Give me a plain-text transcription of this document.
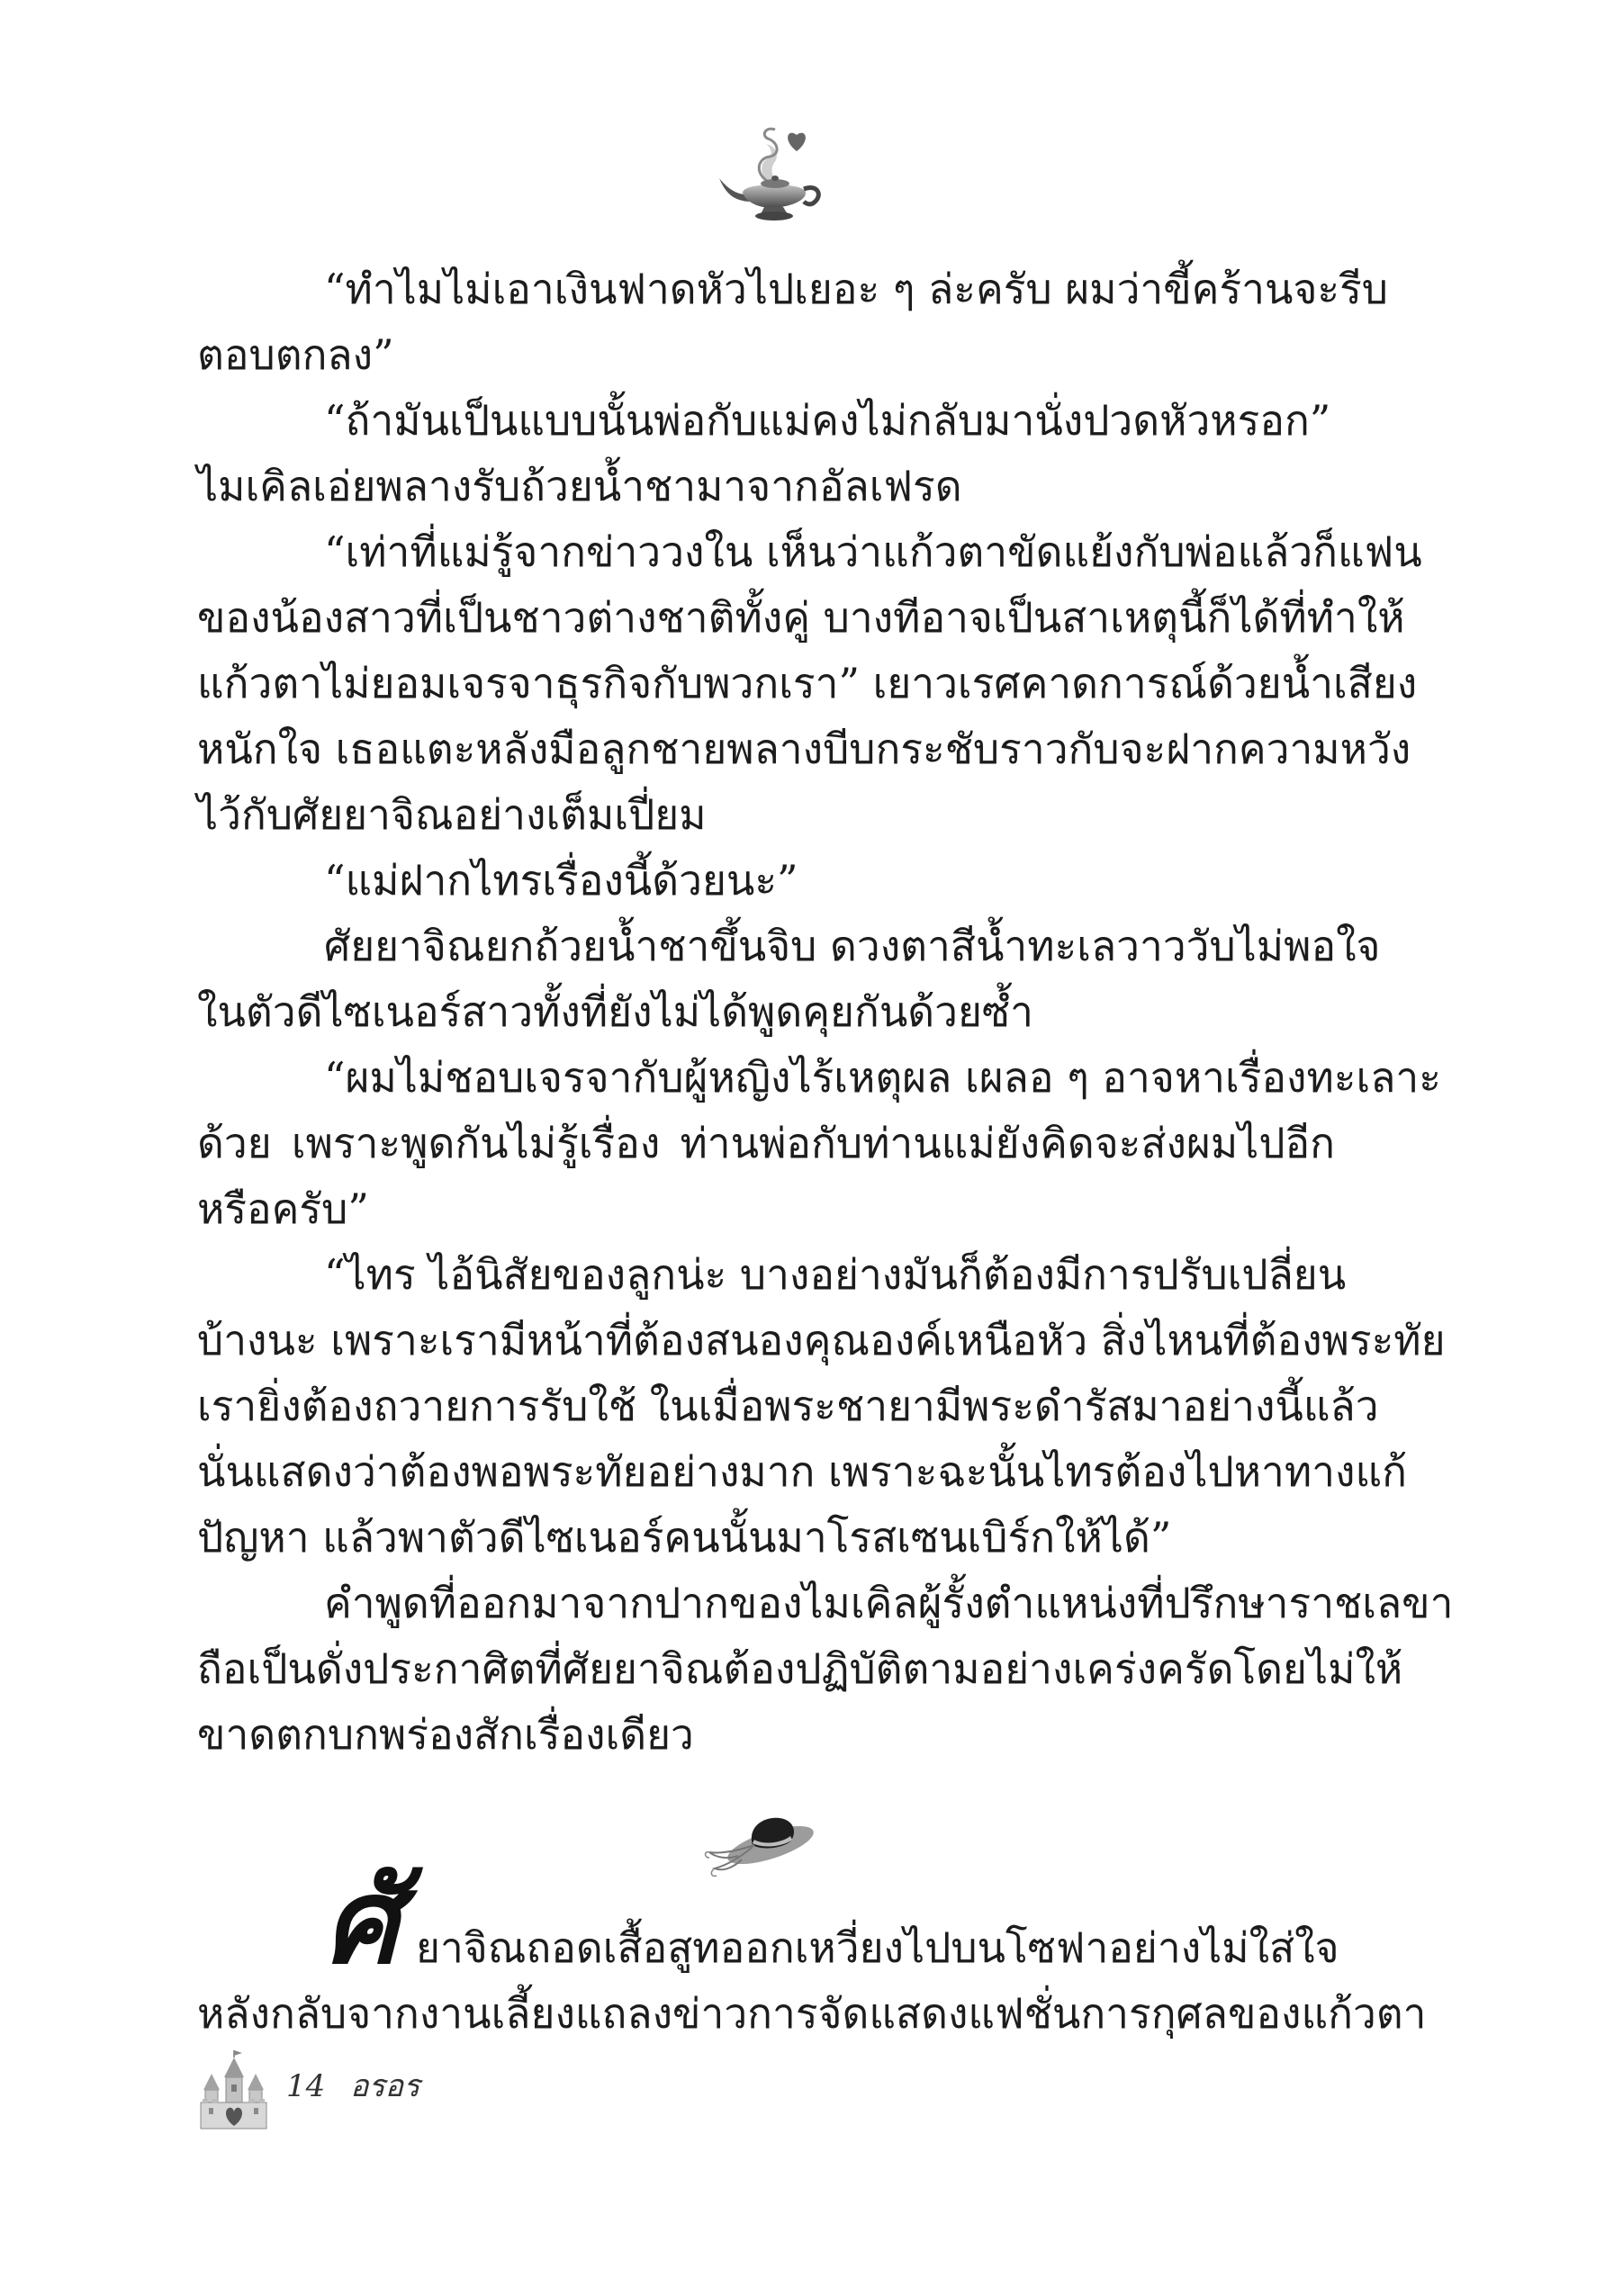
“ทำไมไม่เอาเงินฟาดหัวไปเยอะ ๆ ล่ะครับ ผมว่าขี้คร้านจะรีบ
ตอบตกลง”
“ถ้ามันเป็นแบบนั้นพ่อกับแม่คงไม่กลับมานั่งปวดหัวหรอก”
ไมเคิลเอ่ยพลางรับถ้วยน้ำชามาจากอัลเฟรด
“เท่าที่แม่รู้จากข่าววงใน เห็นว่าแก้วตาขัดแย้งกับพ่อแล้วก็แฟน
ของน้องสาวที่เป็นชาวต่างชาติทั้งคู่ บางทีอาจเป็นสาเหตุนี้ก็ได้ที่ทำให้
แก้วตาไม่ยอมเจรจาธุรกิจกับพวกเรา” เยาวเรศคาดการณ์ด้วยน้ำเสียง
หนักใจ เธอแตะหลังมือลูกชายพลางบีบกระชับราวกับจะฝากความหวัง
ไว้กับศัยยาจิณอย่างเต็มเปี่ยม
“แม่ฝากไทรเรื่องนี้ด้วยนะ”
ศัยยาจิณยกถ้วยน้ำชาขึ้นจิบ ดวงตาสีน้ำทะเลวาววับไม่พอใจ
ในตัวดีไซเนอร์สาวทั้งที่ยังไม่ได้พูดคุยกันด้วยซ้ำ
“ผมไม่ชอบเจรจากับผู้หญิงไร้เหตุผล เผลอ ๆ อาจหาเรื่องทะเลาะ
ด้วย เพราะพูดกันไม่รู้เรื่อง ท่านพ่อกับท่านแม่ยังคิดจะส่งผมไปอีก
หรือครับ”
“ไทร ไอ้นิสัยของลูกน่ะ บางอย่างมันก็ต้องมีการปรับเปลี่ยน
บ้างนะ เพราะเรามีหน้าที่ต้องสนองคุณองค์เหนือหัว สิ่งไหนที่ต้องพระทัย
เรายิ่งต้องถวายการรับใช้ ในเมื่อพระชายามีพระดำรัสมาอย่างนี้แล้ว
นั่นแสดงว่าต้องพอพระทัยอย่างมาก เพราะฉะนั้นไทรต้องไปหาทางแก้
ปัญหา แล้วพาตัวดีไซเนอร์คนนั้นมาโรสเซนเบิร์กให้ได้”
คำพูดที่ออกมาจากปากของไมเคิลผู้รั้งตำแหน่งที่ปรึกษาราชเลขา
ถือเป็นดั่งประกาศิตที่ศัยยาจิณต้องปฏิบัติตามอย่างเคร่งครัดโดยไม่ให้
ขาดตกบกพร่องสักเรื่องเดียว
ศั ยาจิณถอดเสื้อสูทออกเหวี่ยงไปบนโซฟาอย่างไม่ใส่ใจ
หลังกลับจากงานเลี้ยงแถลงข่าวการจัดแสดงแฟชั่นการกุศลของแก้วตา
14 อรอร
